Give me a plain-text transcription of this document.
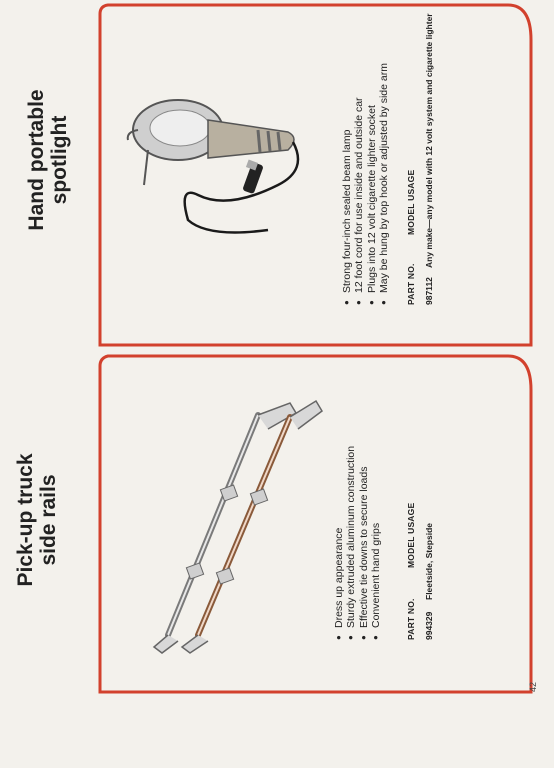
Pick-up truck side rails
● Dress up appearance ● Sturdy extruded aluminum construction ● Effective tie downs to secure loads ● Convenient hand grips	PART NO.
MODEL USAGE
994329
Fleetside, Stepside
Hand portable spotlight	● Strong four-inch sealed beam lamp ● 12 foot cord for use inside and outside car ● Plugs into 12 volt cigarette lighter socket ● May be hung by top hook or adjusted by side arm PART NO.
MODEL USAGE
987112
Any make—any model with 12 volt system and cigarette lighter
42
